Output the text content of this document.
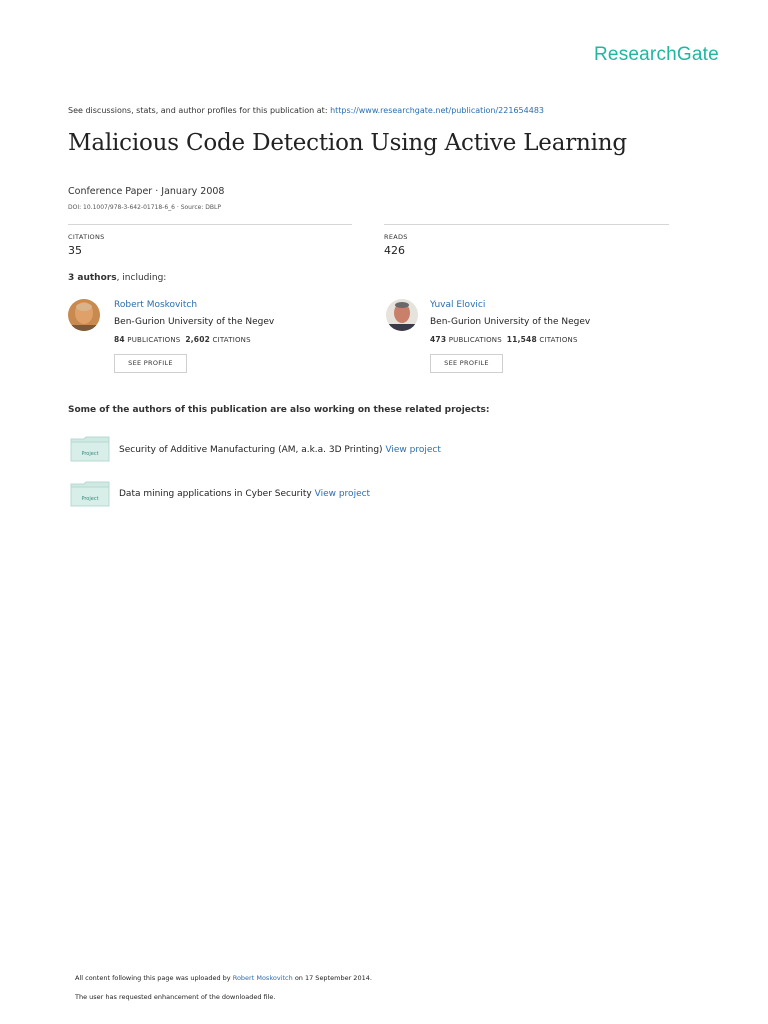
ResearchGate
See discussions, stats, and author profiles for this publication at: https://www.researchgate.net/publication/221654483
Malicious Code Detection Using Active Learning
Conference Paper · January 2008
DOI: 10.1007/978-3-642-01718-6_6 · Source: DBLP
CITATIONS
35
READS
426
3 authors, including:
Robert Moskovitch
Ben-Gurion University of the Negev
84 PUBLICATIONS 2,602 CITATIONS
SEE PROFILE
Yuval Elovici
Ben-Gurion University of the Negev
473 PUBLICATIONS 11,548 CITATIONS
SEE PROFILE
Some of the authors of this publication are also working on these related projects:
Project Security of Additive Manufacturing (AM, a.k.a. 3D Printing) View project
Project Data mining applications in Cyber Security View project
All content following this page was uploaded by Robert Moskovitch on 17 September 2014.
The user has requested enhancement of the downloaded file.
